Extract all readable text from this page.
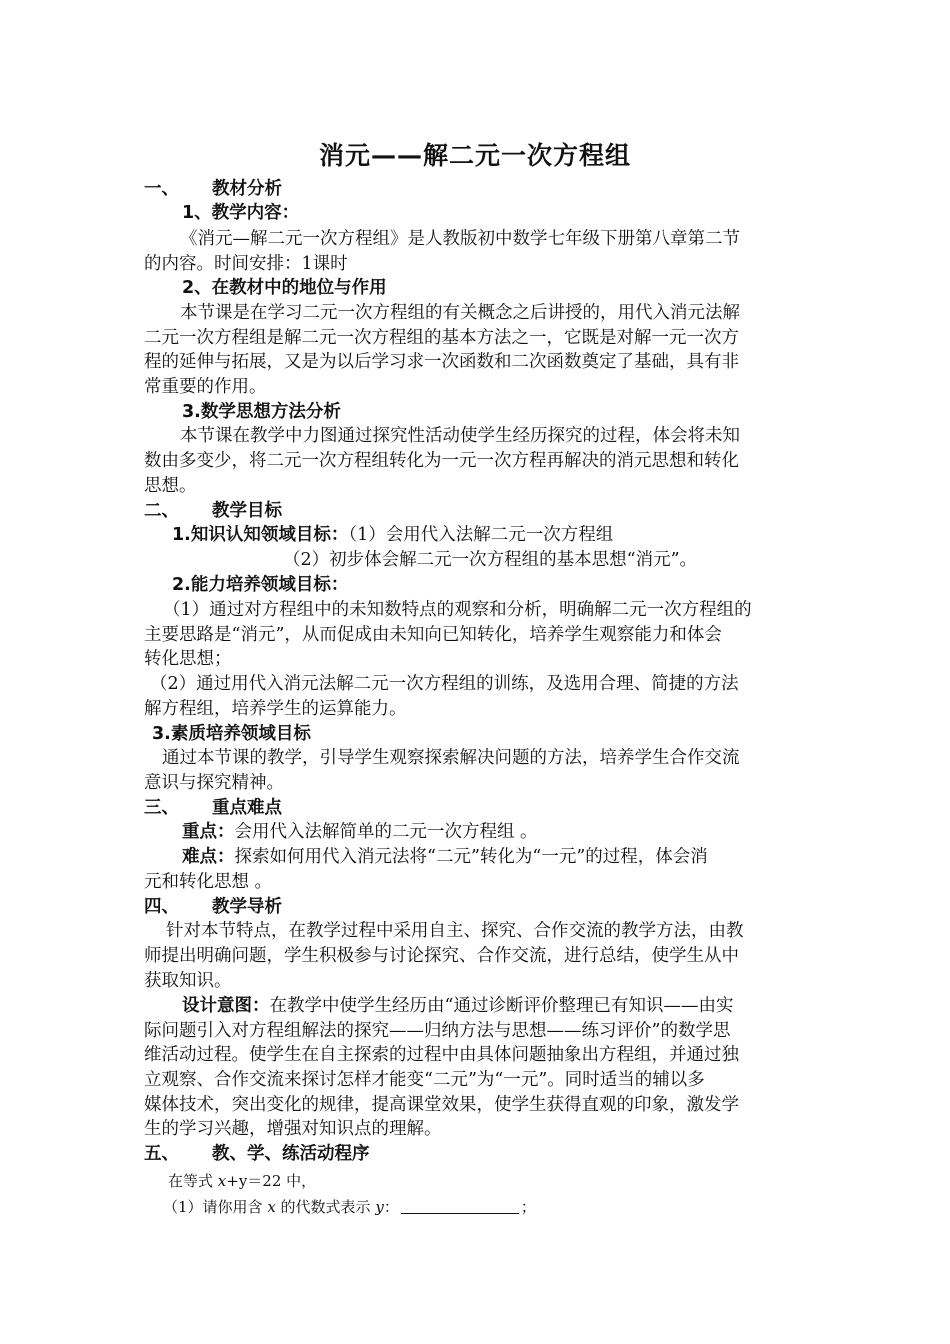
消元——解二元一次方程组
一、 教材分析
1、教学内容：
《消元—解二元一次方程组》是人教版初中数学七年级下册第八章第二节
的内容。时间安排：1课时
2、在教材中的地位与作用
本节课是在学习二元一次方程组的有关概念之后讲授的，用代入消元法解
二元一次方程组是解二元一次方程组的基本方法之一，它既是对解一元一次方
程的延伸与拓展，又是为以后学习求一次函数和二次函数奠定了基础，具有非
常重要的作用。
3.数学思想方法分析
本节课在教学中力图通过探究性活动使学生经历探究的过程，体会将未知
数由多变少，将二元一次方程组转化为一元一次方程再解决的消元思想和转化
思想。
二、 教学目标
1.知识认知领域目标：（1）会用代入法解二元一次方程组
（2）初步体会解二元一次方程组的基本思想“消元”。
2.能力培养领域目标：
（1）通过对方程组中的未知数特点的观察和分析，明确解二元一次方程组的
主要思路是“消元”，从而促成由未知向已知转化，培养学生观察能力和体会
转化思想；
（2）通过用代入消元法解二元一次方程组的训练，及选用合理、简捷的方法
解方程组，培养学生的运算能力。
3.素质培养领域目标
通过本节课的教学，引导学生观察探索解决问题的方法，培养学生合作交流
意识与探究精神。
三、 重点难点
重点：会用代入法解简单的二元一次方程组 。
难点：探索如何用代入消元法将“二元”转化为“一元”的过程，体会消
元和转化思想 。
四、 教学导析
针对本节特点，在教学过程中采用自主、探究、合作交流的教学方法，由教
师提出明确问题，学生积极参与讨论探究、合作交流，进行总结，使学生从中
获取知识。
设计意图：在教学中使学生经历由“通过诊断评价整理已有知识——由实
际问题引入对方程组解法的探究——归纳方法与思想——练习评价”的数学思
维活动过程。使学生在自主探索的过程中由具体问题抽象出方程组，并通过独
立观察、合作交流来探讨怎样才能变“二元”为“一元”。同时适当的辅以多
媒体技术，突出变化的规律，提高课堂效果，使学生获得直观的印象，激发学
生的学习兴趣，增强对知识点的理解。
五、 教、学、练活动程序
在等式 x+y＝22 中，
（1）请你用含 x 的代数式表示 y：	；
